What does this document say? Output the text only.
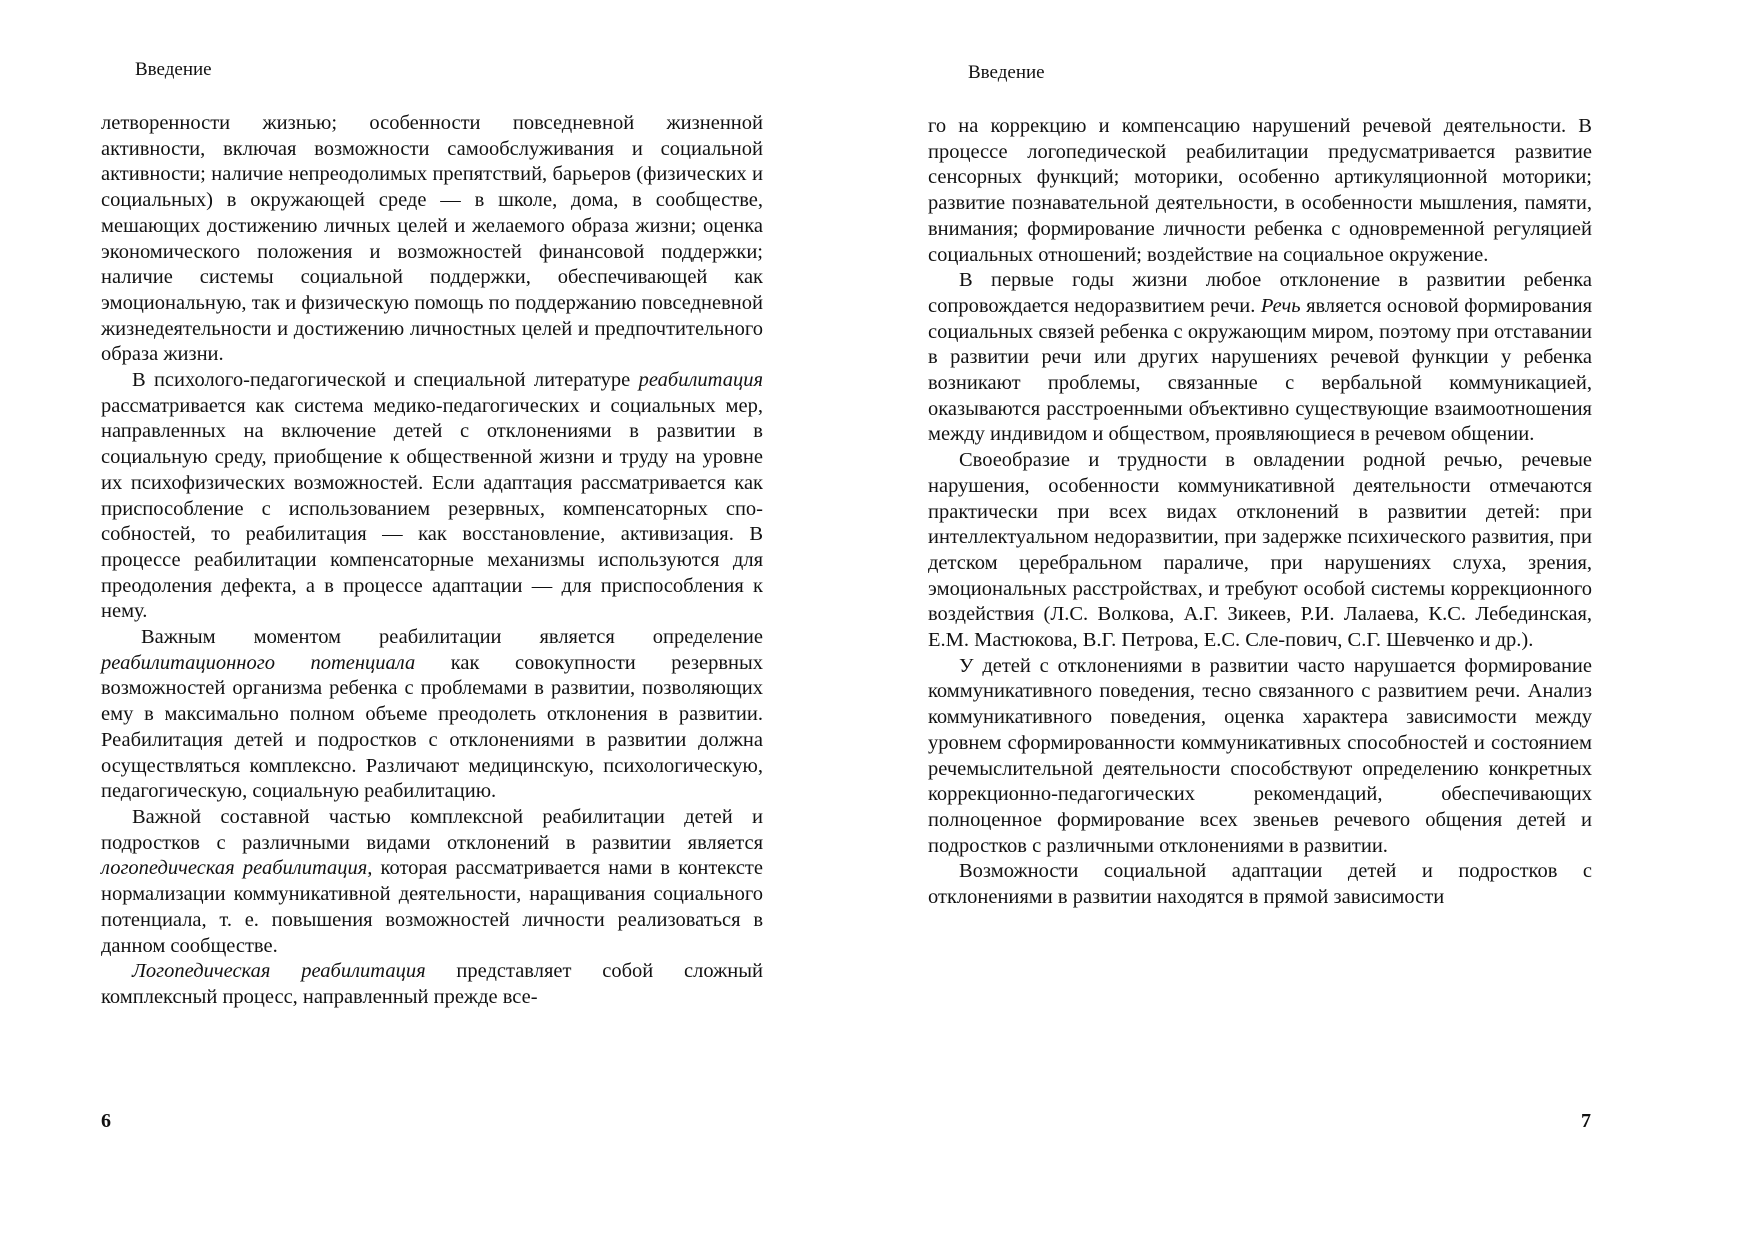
Введение

летворенности жизнью; особенности повседневной жизненной активности, включая возможности самообслуживания и социальной активности; наличие непреодолимых препятствий, барьеров (физических и социальных) в окружающей среде — в школе, дома, в сообществе, мешающих достижению личных целей и желаемого образа жизни; оценка экономического положения и возможностей финансовой поддержки; наличие системы социальной поддержки, обеспечивающей как эмоциональную, так и физическую помощь по поддержанию повседневной жизнедеятельности и достижению личностных целей и предпочтительного образа жизни.

В психолого-педагогической и специальной литературе реабилитация рассматривается как система медико-педагогических и социальных мер, направленных на включение детей с отклонениями в развитии в социальную среду, приобщение к общественной жизни и труду на уровне их психофизических возможностей. Если адаптация рассматривается как приспособление с использованием резервных, компенсаторных способностей, то реабилитация — как восстановление, активизация. В процессе реабилитации компенсаторные механизмы используются для преодоления дефекта, а в процессе адаптации — для приспособления к нему.

Важным моментом реабилитации является определение реабилитационного потенциала как совокупности резервных возможностей организма ребенка с проблемами в развитии, позволяющих ему в максимально полном объеме преодолеть отклонения в развитии. Реабилитация детей и подростков с отклонениями в развитии должна осуществляться комплексно. Различают медицинскую, психологическую, педагогическую, социальную реабилитацию.

Важной составной частью комплексной реабилитации детей и подростков с различными видами отклонений в развитии является логопедическая реабилитация, которая рассматривается нами в контексте нормализации коммуникативной деятельности, наращивания социального потенциала, т. е. повышения возможностей личности реализоваться в данном сообществе.

Логопедическая реабилитация представляет собой сложный комплексный процесс, направленный прежде все-

6
Введение

го на коррекцию и компенсацию нарушений речевой деятельности. В процессе логопедической реабилитации предусматривается развитие сенсорных функций; моторики, особенно артикуляционной моторики; развитие познавательной деятельности, в особенности мышления, памяти, внимания; формирование личности ребенка с одновременной регуляцией социальных отношений; воздействие на социальное окружение.

В первые годы жизни любое отклонение в развитии ребенка сопровождается недоразвитием речи. Речь является основой формирования социальных связей ребенка с окружающим миром, поэтому при отставании в развитии речи или других нарушениях речевой функции у ребенка возникают проблемы, связанные с вербальной коммуникацией, оказываются расстроенными объективно существующие взаимоотношения между индивидом и обществом, проявляющиеся в речевом общении.

Своеобразие и трудности в овладении родной речью, речевые нарушения, особенности коммуникативной деятельности отмечаются практически при всех видах отклонений в развитии детей: при интеллектуальном недоразвитии, при задержке психического развития, при детском церебральном параличе, при нарушениях слуха, зрения, эмоциональных расстройствах, и требуют особой системы коррекционного воздействия (Л.С. Волкова, А.Г. Зикеев, Р.И. Лалаева, К.С. Лебединская, Е.М. Мастюкова, В.Г. Петрова, Е.С. Сле-пович, С.Г. Шевченко и др.).

У детей с отклонениями в развитии часто нарушается формирование коммуникативного поведения, тесно связанного с развитием речи. Анализ коммуникативного поведения, оценка характера зависимости между уровнем сформированности коммуникативных способностей и состоянием речемыслительной деятельности способствуют определению конкретных коррекционно-педагогических рекомендаций, обеспечивающих полноценное формирование всех звеньев речевого общения детей и подростков с различными отклонениями в развитии.

Возможности социальной адаптации детей и подростков с отклонениями в развитии находятся в прямой зависимости

7
